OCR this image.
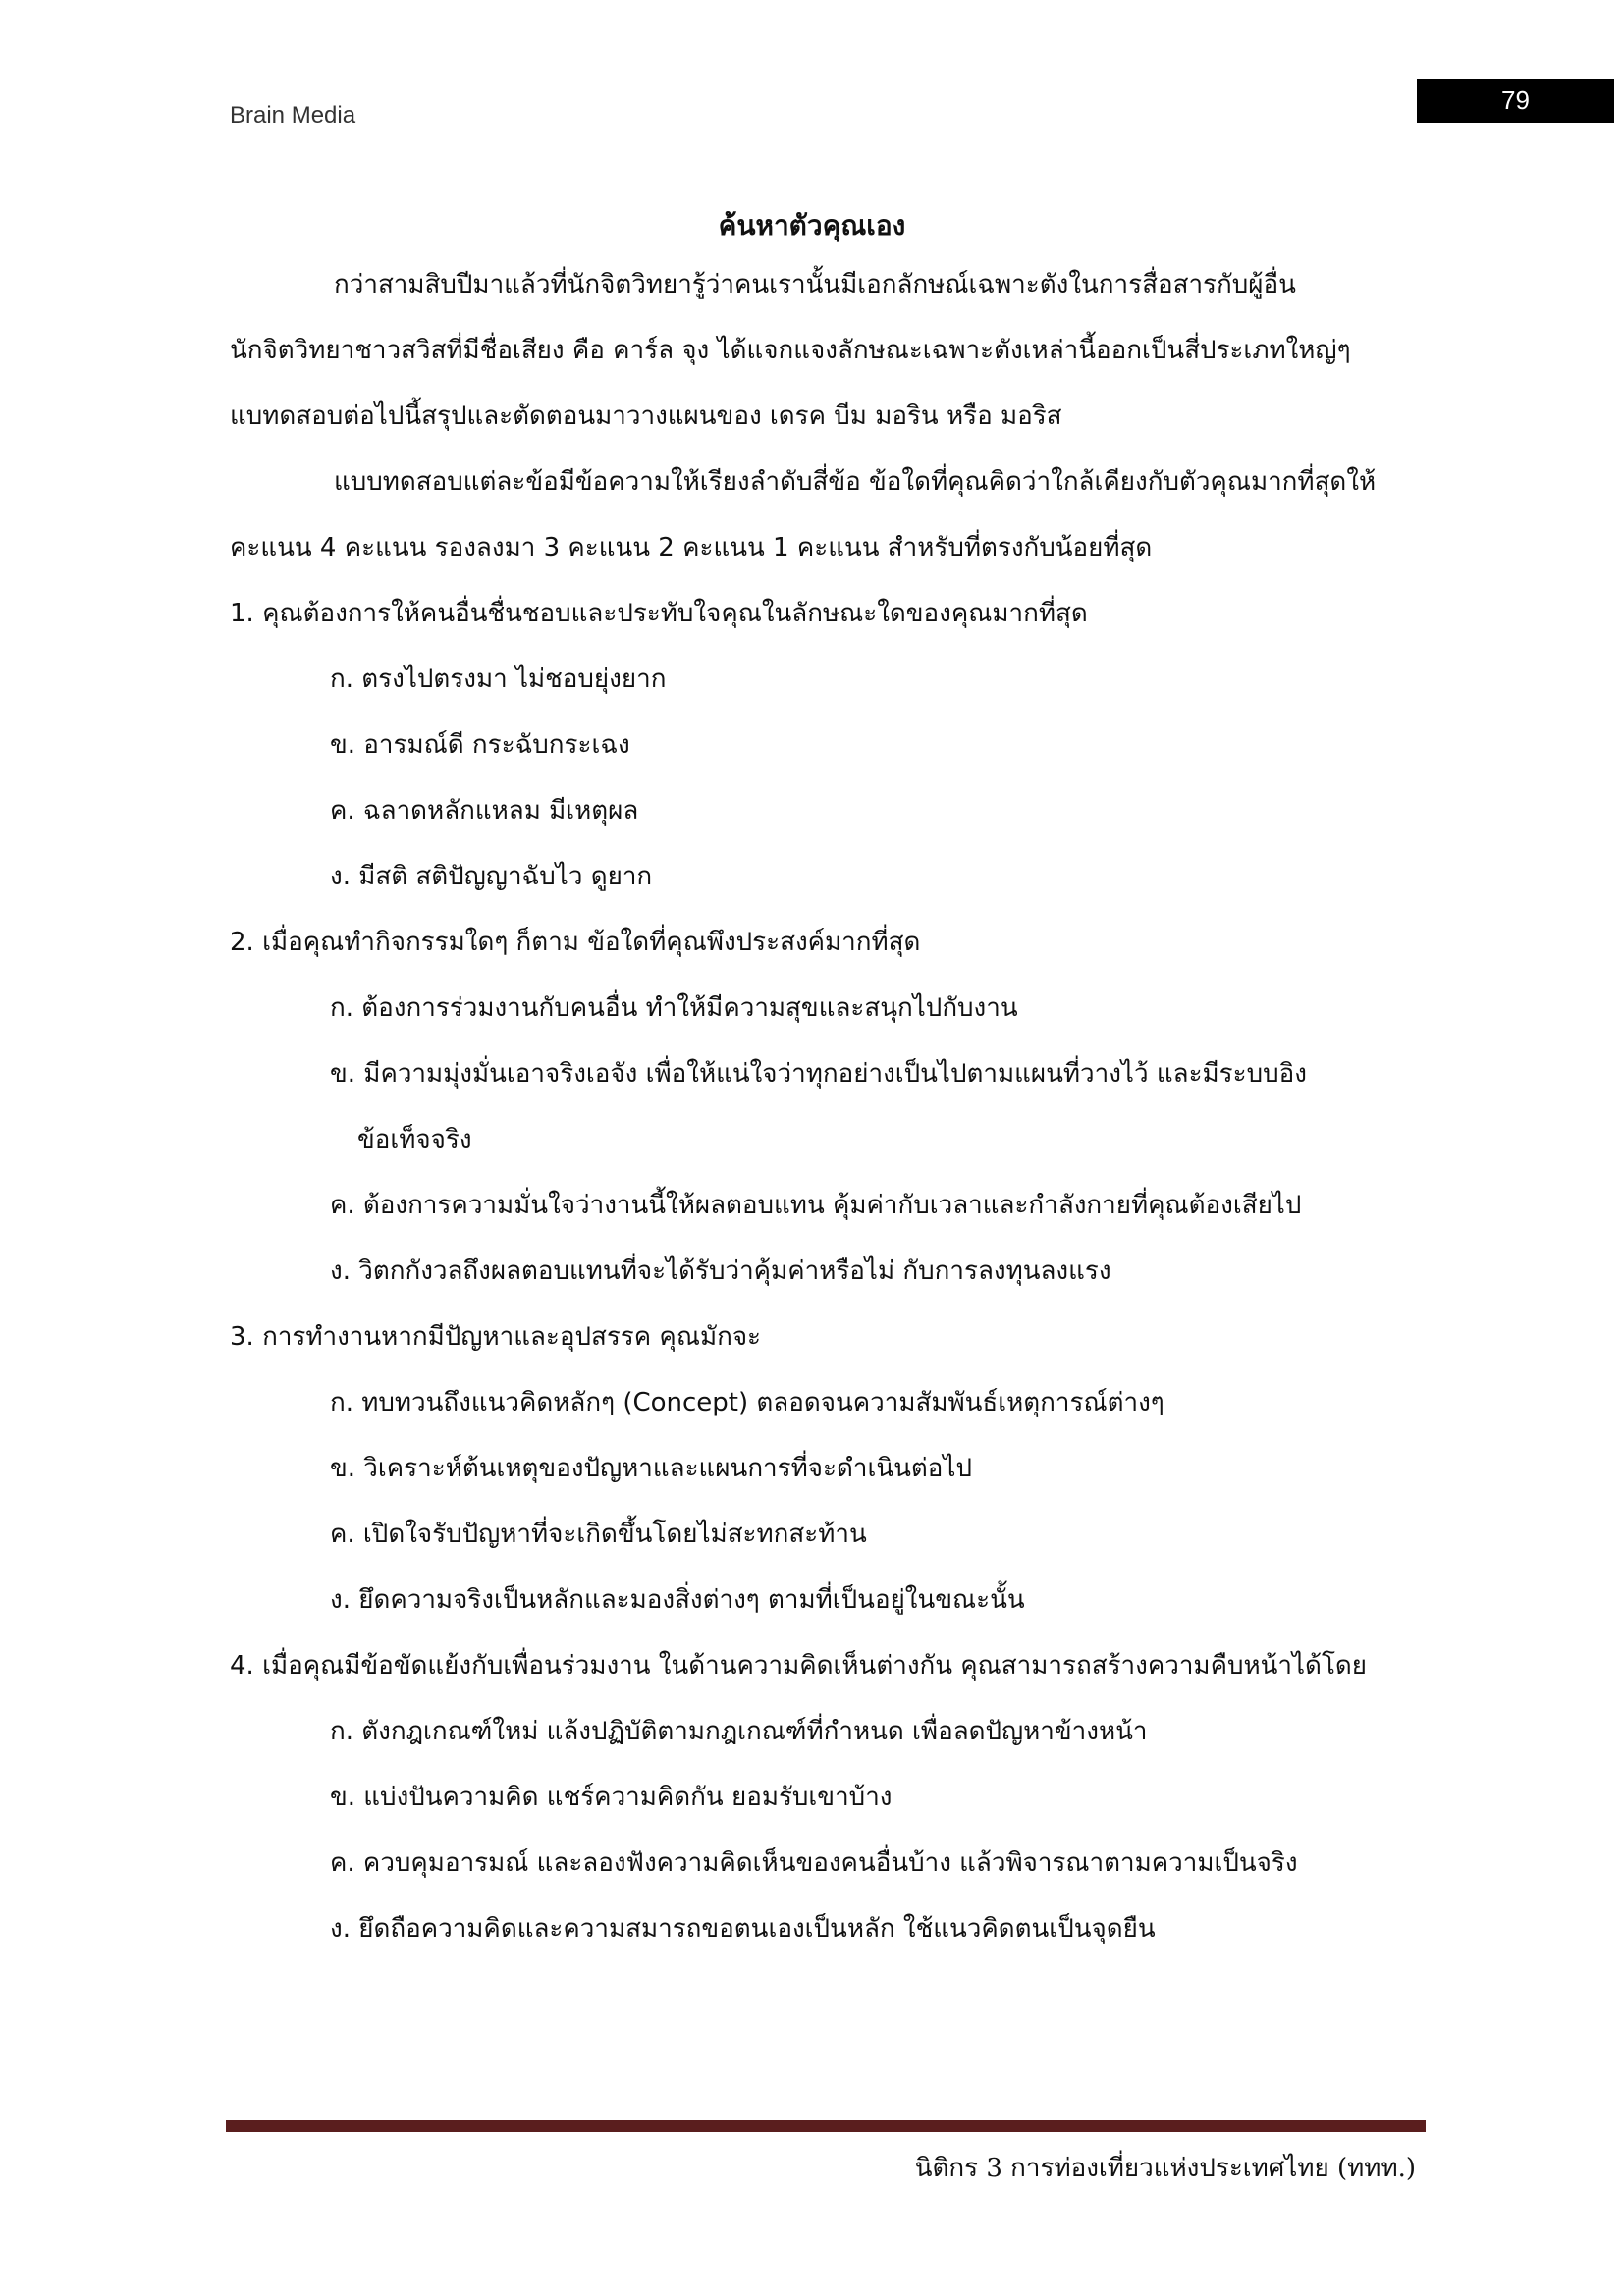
Brain Media
79
ค้นหาตัวคุณเอง
กว่าสามสิบปีมาแล้วที่นักจิตวิทยารู้ว่าคนเรานั้นมีเอกลักษณ์เฉพาะตังในการสื่อสารกับผู้อื่น
นักจิตวิทยาชาวสวิสที่มีชื่อเสียง คือ คาร์ล จุง ได้แจกแจงลักษณะเฉพาะตังเหล่านี้ออกเป็นสี่ประเภทใหญ่ๆ
แบทดสอบต่อไปนี้สรุปและตัดตอนมาวางแผนของ เดรค บีม มอริน หรือ มอริส
แบบทดสอบแต่ละข้อมีข้อความให้เรียงลำดับสี่ข้อ ข้อใดที่คุณคิดว่าใกล้เคียงกับตัวคุณมากที่สุดให้
คะแนน 4 คะแนน รองลงมา 3 คะแนน 2 คะแนน 1 คะแนน สำหรับที่ตรงกับน้อยที่สุด
1. คุณต้องการให้คนอื่นชื่นชอบและประทับใจคุณในลักษณะใดของคุณมากที่สุด
ก. ตรงไปตรงมา ไม่ชอบยุ่งยาก
ข. อารมณ์ดี กระฉับกระเฉง
ค. ฉลาดหลักแหลม มีเหตุผล
ง. มีสติ สติปัญญาฉับไว ดูยาก
2. เมื่อคุณทำกิจกรรมใดๆ ก็ตาม ข้อใดที่คุณพึงประสงค์มากที่สุด
ก. ต้องการร่วมงานกับคนอื่น ทำให้มีความสุขและสนุกไปกับงาน
ข. มีความมุ่งมั่นเอาจริงเอจัง เพื่อให้แน่ใจว่าทุกอย่างเป็นไปตามแผนที่วางไว้ และมีระบบอิง
ข้อเท็จจริง
ค. ต้องการความมั่นใจว่างานนี้ให้ผลตอบแทน คุ้มค่ากับเวลาและกำลังกายที่คุณต้องเสียไป
ง. วิตกกังวลถึงผลตอบแทนที่จะได้รับว่าคุ้มค่าหรือไม่ กับการลงทุนลงแรง
3. การทำงานหากมีปัญหาและอุปสรรค คุณมักจะ
ก. ทบทวนถึงแนวคิดหลักๆ (Concept) ตลอดจนความสัมพันธ์เหตุการณ์ต่างๆ
ข. วิเคราะห์ต้นเหตุของปัญหาและแผนการที่จะดำเนินต่อไป
ค. เปิดใจรับปัญหาที่จะเกิดขึ้นโดยไม่สะทกสะท้าน
ง. ยึดความจริงเป็นหลักและมองสิ่งต่างๆ ตามที่เป็นอยู่ในขณะนั้น
4. เมื่อคุณมีข้อขัดแย้งกับเพื่อนร่วมงาน ในด้านความคิดเห็นต่างกัน คุณสามารถสร้างความคืบหน้าได้โดย
ก. ตังกฎเกณฑ์ใหม่ แล้งปฏิบัติตามกฎเกณฑ์ที่กำหนด เพื่อลดปัญหาข้างหน้า
ข. แบ่งปันความคิด แชร์ความคิดกัน ยอมรับเขาบ้าง
ค. ควบคุมอารมณ์ และลองฟังความคิดเห็นของคนอื่นบ้าง แล้วพิจารณาตามความเป็นจริง
ง. ยึดถือความคิดและความสมารถขอตนเองเป็นหลัก ใช้แนวคิดตนเป็นจุดยืน
นิติกร 3 การท่องเที่ยวแห่งประเทศไทย (ททท.)
